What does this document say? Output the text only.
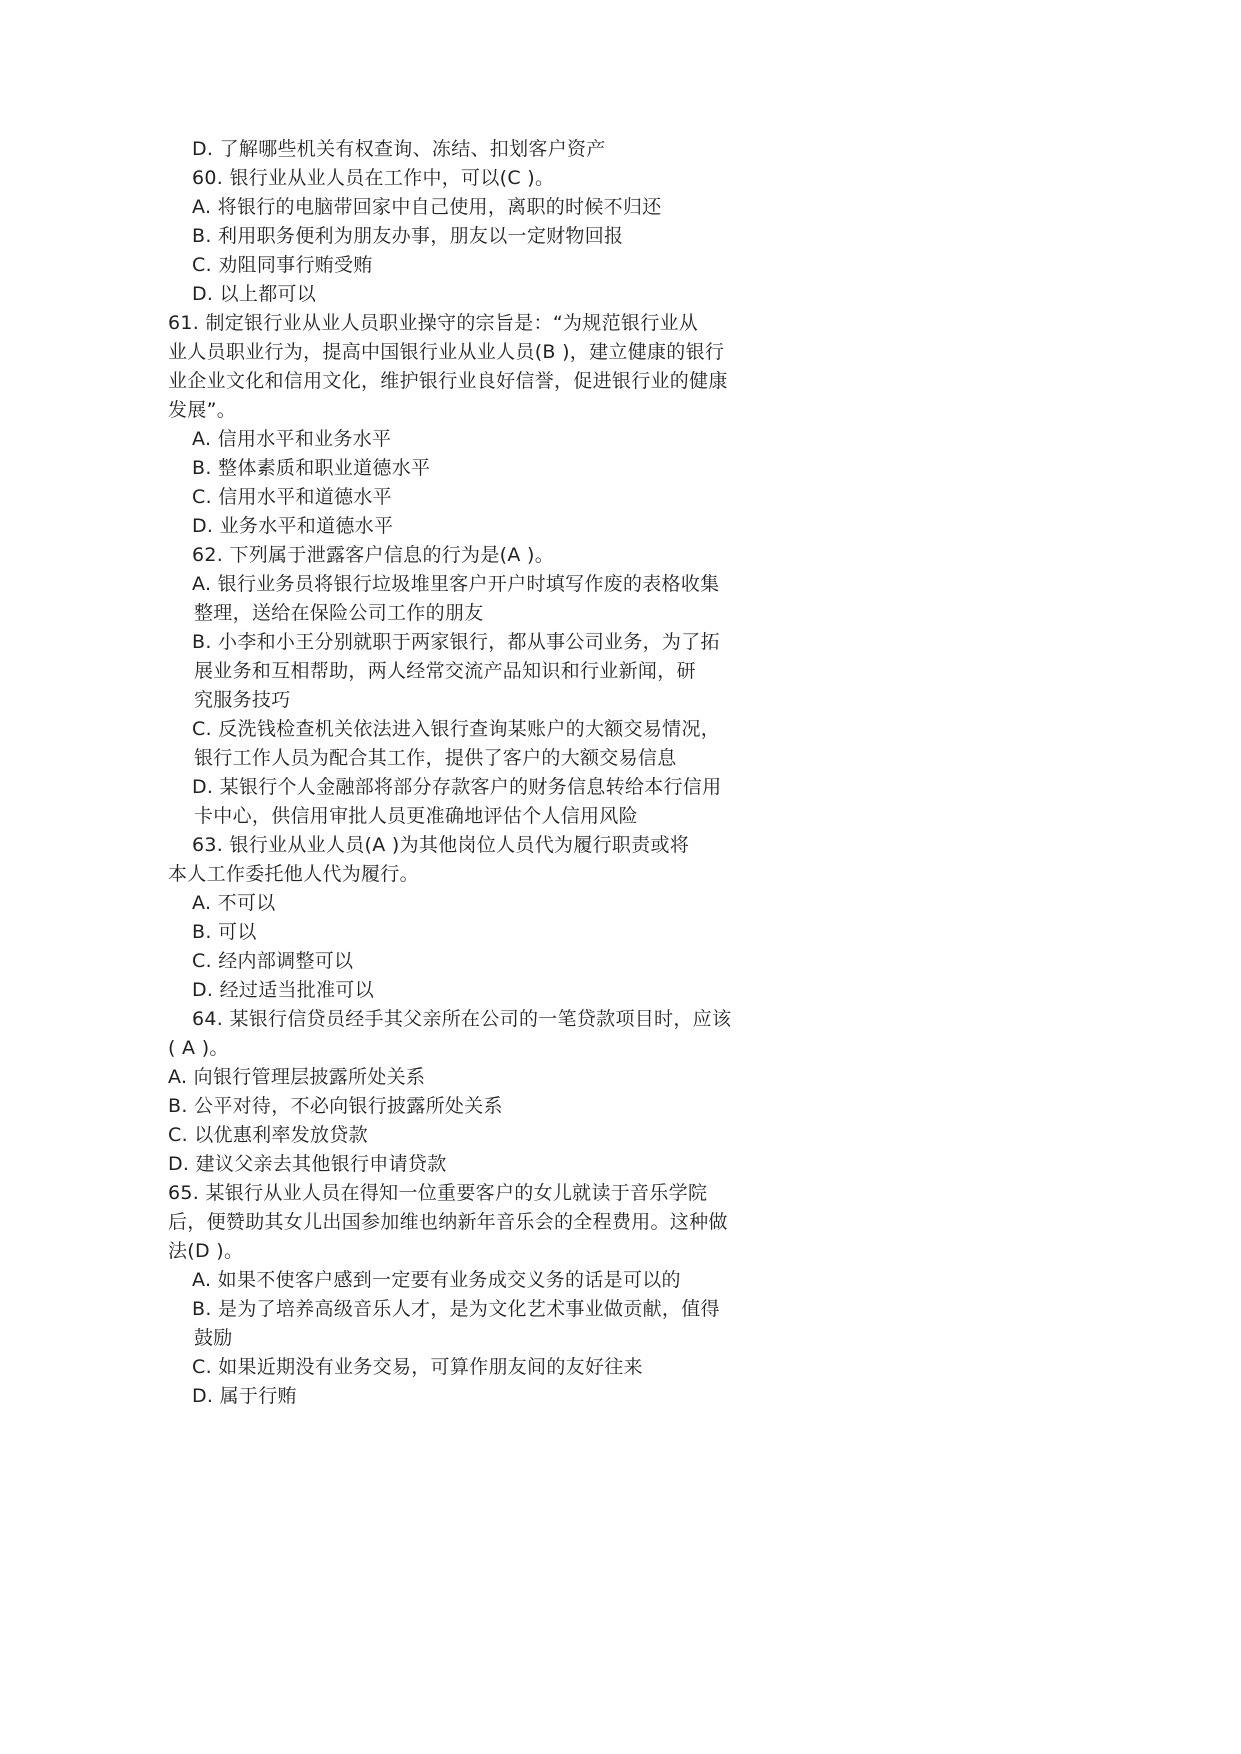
D. 了解哪些机关有权查询、冻结、扣划客户资产
60. 银行业从业人员在工作中，可以(C )。
A. 将银行的电脑带回家中自己使用，离职的时候不归还
B. 利用职务便利为朋友办事，朋友以一定财物回报
C. 劝阻同事行贿受贿
D. 以上都可以
61. 制定银行业从业人员职业操守的宗旨是：“为规范银行业从
业人员职业行为，提高中国银行业从业人员(B )，建立健康的银行
业企业文化和信用文化，维护银行业良好信誉，促进银行业的健康
发展”。
A. 信用水平和业务水平
B. 整体素质和职业道德水平
C. 信用水平和道德水平
D. 业务水平和道德水平
62. 下列属于泄露客户信息的行为是(A )。
A. 银行业务员将银行垃圾堆里客户开户时填写作废的表格收集
整理，送给在保险公司工作的朋友
B. 小李和小王分别就职于两家银行，都从事公司业务，为了拓
展业务和互相帮助，两人经常交流产品知识和行业新闻，研
究服务技巧
C. 反洗钱检查机关依法进入银行查询某账户的大额交易情况，
银行工作人员为配合其工作，提供了客户的大额交易信息
D. 某银行个人金融部将部分存款客户的财务信息转给本行信用
卡中心，供信用审批人员更准确地评估个人信用风险
63. 银行业从业人员(A )为其他岗位人员代为履行职责或将
本人工作委托他人代为履行。
A. 不可以
B. 可以
C. 经内部调整可以
D. 经过适当批准可以
64. 某银行信贷员经手其父亲所在公司的一笔贷款项目时，应该
( A )。
A. 向银行管理层披露所处关系
B. 公平对待，不必向银行披露所处关系
C. 以优惠利率发放贷款
D. 建议父亲去其他银行申请贷款
65. 某银行从业人员在得知一位重要客户的女儿就读于音乐学院
后，便赞助其女儿出国参加维也纳新年音乐会的全程费用。这种做
法(D )。
A. 如果不使客户感到一定要有业务成交义务的话是可以的
B. 是为了培养高级音乐人才，是为文化艺术事业做贡献，值得
鼓励
C. 如果近期没有业务交易，可算作朋友间的友好往来
D. 属于行贿
